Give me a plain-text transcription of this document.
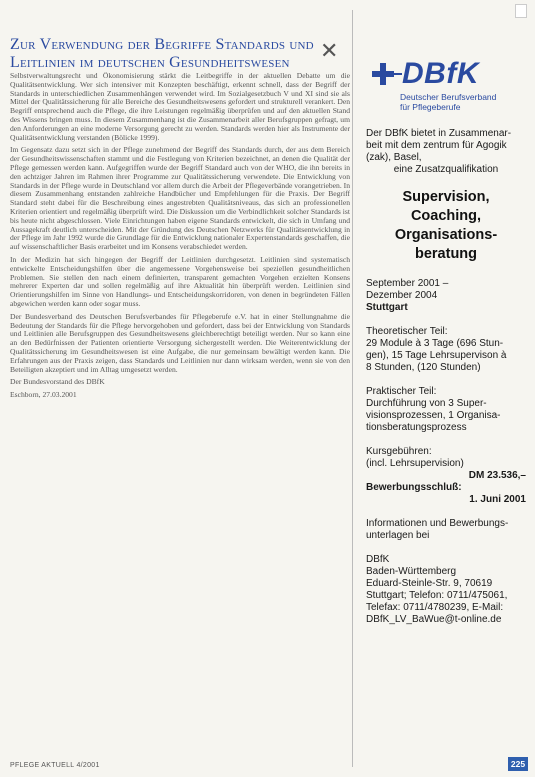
Zur Verwendung der Begriffe Standards und
Leitlinien im deutschen Gesundheitswesen	✕

Selbstverwaltungsrecht und Ökonomisierung stärkt die Leitbegriffe in der aktuellen Debatte um die Qualitätsentwicklung. Wer sich intensiver mit Konzepten beschäftigt, erkennt schnell, dass der Begriff der Standards in unterschiedlichen Zusammenhängen verwendet wird. Im Sozialgesetzbuch V und XI sind sie als Mittel der Qualitätssicherung für alle Bereiche des Gesundheitswesens gefordert und strukturell verankert. Den Begriff entsprechend auch die Pflege, die ihre Leistungen regelmäßig überprüfen und auf den aktuellen Stand des Wissens bringen muss. In diesem Zusammenhang ist die Zusammenarbeit aller Berufsgruppen gefragt, um den Anforderungen an eine moderne Versorgung gerecht zu werden. Standards werden hier als Instrumente der Qualitätsentwicklung verstanden (Bölicke 1999).

Im Gegensatz dazu setzt sich in der Pflege zunehmend der Begriff des Standards durch, der aus dem Bereich der Gesundheitswissenschaften stammt und die Festlegung von Kriterien bezeichnet, an denen die Qualität der Pflege gemessen werden kann. Aufgegriffen wurde der Begriff Standard auch von der WHO, die ihn bereits in den achtziger Jahren im Rahmen ihrer Programme zur Qualitätssicherung verwendete. Die Entwicklung von Standards in der Pflege wurde in Deutschland vor allem durch die Arbeit der Pflegeverbände vorangetrieben. In diesem Zusammenhang entstanden zahlreiche Handbücher und Empfehlungen für die Praxis. Der Begriff Standard steht dabei für die Beschreibung eines angestrebten Qualitätsniveaus, das sich an professionellen Kriterien orientiert und regelmäßig überprüft wird. Die Diskussion um die Verbindlichkeit solcher Standards ist bis heute nicht abgeschlossen. Viele Einrichtungen haben eigene Standards entwickelt, die sich in Umfang und Aussagekraft deutlich unterscheiden. Mit der Gründung des Deutschen Netzwerks für Qualitätsentwicklung in der Pflege im Jahr 1992 wurde die Grundlage für die Entwicklung nationaler Expertenstandards geschaffen, die auf wissenschaftlicher Basis erarbeitet und im Konsens verabschiedet werden.

In der Medizin hat sich hingegen der Begriff der Leitlinien durchgesetzt. Leitlinien sind systematisch entwickelte Entscheidungshilfen über die angemessene Vorgehensweise bei speziellen gesundheitlichen Problemen. Sie stellen den nach einem definierten, transparent gemachten Vorgehen erzielten Konsens mehrerer Experten dar und sollen regelmäßig auf ihre Aktualität hin überprüft werden. Leitlinien sind Orientierungshilfen im Sinne von Handlungs- und Entscheidungskorridoren, von denen in begründeten Fällen abgewichen werden kann oder sogar muss.

Der Bundesverband des Deutschen Berufsverbandes für Pflegeberufe e.V. hat in einer Stellungnahme die Bedeutung der Standards für die Pflege hervorgehoben und gefordert, dass bei der Entwicklung von Standards und Leitlinien alle Berufsgruppen des Gesundheitswesens gleichberechtigt beteiligt werden. Nur so kann eine an den Bedürfnissen der Patienten orientierte Versorgung sichergestellt werden. Die Weiterentwicklung der Qualitätssicherung im Gesundheitswesen ist eine Aufgabe, die nur gemeinsam bewältigt werden kann. Die Erfahrungen aus der Praxis zeigen, dass Standards und Leitlinien nur dann wirksam werden, wenn sie von den Beteiligten akzeptiert und im Alltag umgesetzt werden.

Der Bundesvorstand des DBfK

Eschborn, 27.03.2001

DBfK
Deutscher Berufsverband
für Pflegeberufe

Der DBfK bietet in Zusammenar-

beit mit dem zentrum für Agogik

(zak), Basel,

eine Zusatzqualifikation

Supervision,
Coaching,
Organisations-
beratung

September 2001 –

Dezember 2004

Stuttgart

Theoretischer Teil:

29 Module à 3 Tage (696 Stun-

gen), 15 Tage Lehrsupervison à

8 Stunden, (120 Stunden)

Praktischer Teil:

Durchführung von 3 Super-

visionsprozessen, 1 Organisa-

tionsberatungsprozess

Kursgebühren:

(incl. Lehrsupervision)

DM 23.536,–

Bewerbungsschluß:

1. Juni 2001

Informationen und Bewerbungs-

unterlagen bei

DBfK

Baden-Württemberg

Eduard-Steinle-Str. 9, 70619

Stuttgart; Telefon: 0711/475061,

Telefax: 0711/4780239, E-Mail:

DBfK_LV_BaWue@t-online.de

PFLEGE AKTUELL 4/2001	225
